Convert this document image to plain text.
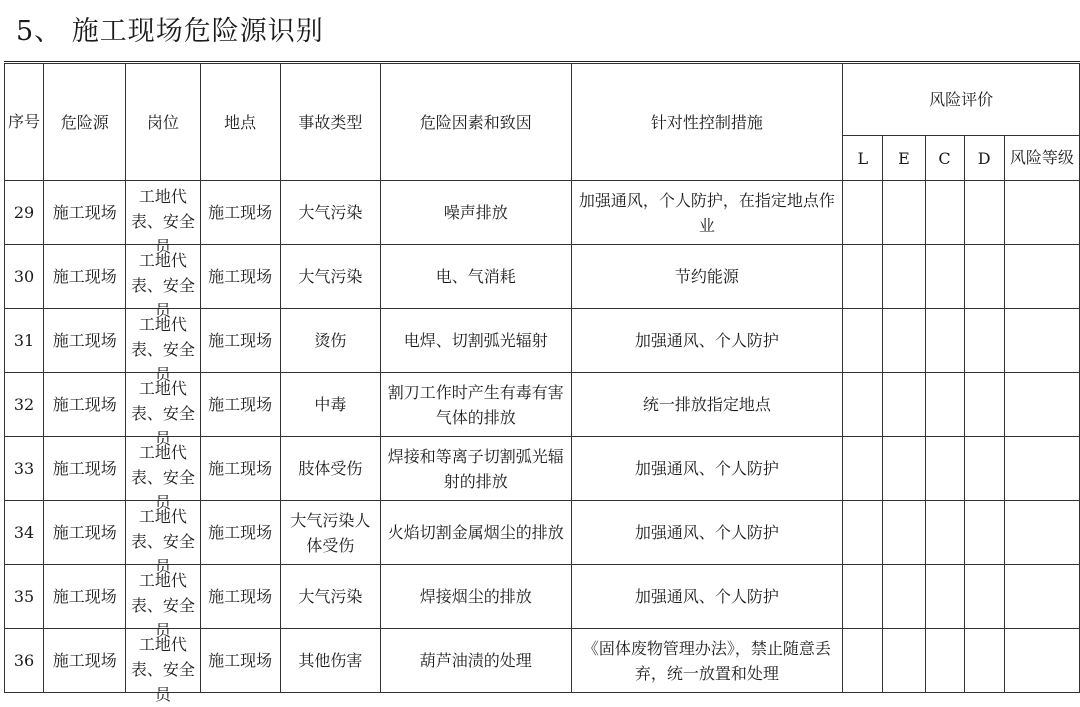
5、 施工现场危险源识别
序号	危险源	岗位	地点	事故类型	危险因素和致因	针对性控制措施	风险评价				
							L	E	C	D	风险等级

29	施工现场	工地代表、安全员	施工现场	大气污染	噪声排放	加强通风，个人防护，在指定地点作业					
30	施工现场	工地代表、安全员	施工现场	大气污染	电、气消耗	节约能源					
31	施工现场	工地代表、安全员	施工现场	烫伤	电焊、切割弧光辐射	加强通风、个人防护					
32	施工现场	工地代表、安全员	施工现场	中毒	割刀工作时产生有毒有害气体的排放	统一排放指定地点					
33	施工现场	工地代表、安全员	施工现场	肢体受伤	焊接和等离子切割弧光辐射的排放	加强通风、个人防护					
34	施工现场	工地代表、安全员	施工现场	大气污染人体受伤	火焰切割金属烟尘的排放	加强通风、个人防护					
35	施工现场	工地代表、安全员	施工现场	大气污染	焊接烟尘的排放	加强通风、个人防护					
36	施工现场	工地代表、安全员	施工现场	其他伤害	葫芦油渍的处理	《固体废物管理办法》，禁止随意丢弃，统一放置和处理					
